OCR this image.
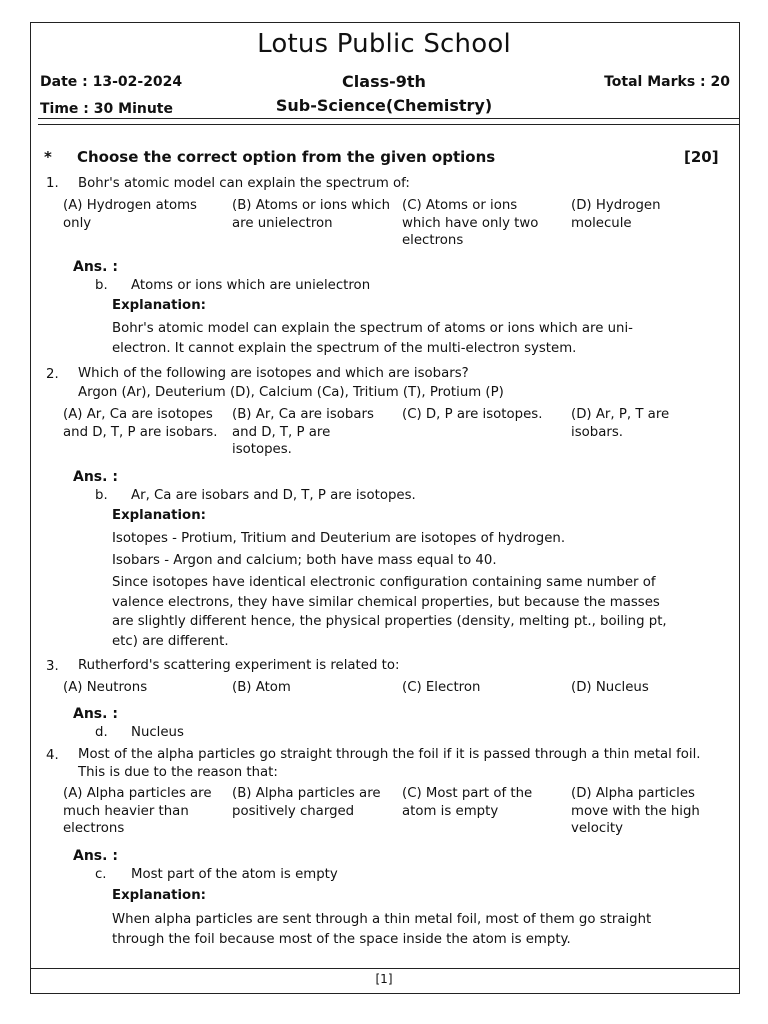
Lotus Public School
Date : 13-02-2024	Class-9th	Total Marks : 20
Time : 30 Minute	Sub-Science(Chemistry)
* Choose the correct option from the given options	[20]
1. Bohr's atomic model can explain the spectrum of:
(A) Hydrogen atoms only
(B) Atoms or ions which are unielectron
(C) Atoms or ions which have only two electrons
(D) Hydrogen molecule
Ans. :
b. Atoms or ions which are unielectron
Explanation:
Bohr's atomic model can explain the spectrum of atoms or ions which are uni-electron. It cannot explain the spectrum of the multi-electron system.
2. Which of the following are isotopes and which are isobars?
Argon (Ar), Deuterium (D), Calcium (Ca), Tritium (T), Protium (P)
(A) Ar, Ca are isotopes and D, T, P are isobars.
(B) Ar, Ca are isobars and D, T, P are isotopes.
(C) D, P are isotopes.	(D) Ar, P, T are isobars.
Ans. :
b. Ar, Ca are isobars and D, T, P are isotopes.
Explanation:
Isotopes - Protium, Tritium and Deuterium are isotopes of hydrogen.
Isobars - Argon and calcium; both have mass equal to 40.
Since isotopes have identical electronic configuration containing same number of valence electrons, they have similar chemical properties, but because the masses are slightly different hence, the physical properties (density, melting pt., boiling pt, etc) are different.
3. Rutherford's scattering experiment is related to:
(A) Neutrons	(B) Atom	(C) Electron	(D) Nucleus
Ans. :
d. Nucleus
4. Most of the alpha particles go straight through the foil if it is passed through a thin metal foil. This is due to the reason that:
(A) Alpha particles are much heavier than electrons
(B) Alpha particles are positively charged
(C) Most part of the atom is empty
(D) Alpha particles move with the high velocity
Ans. :
c. Most part of the atom is empty
Explanation:
When alpha particles are sent through a thin metal foil, most of them go straight through the foil because most of the space inside the atom is empty.
[1]
